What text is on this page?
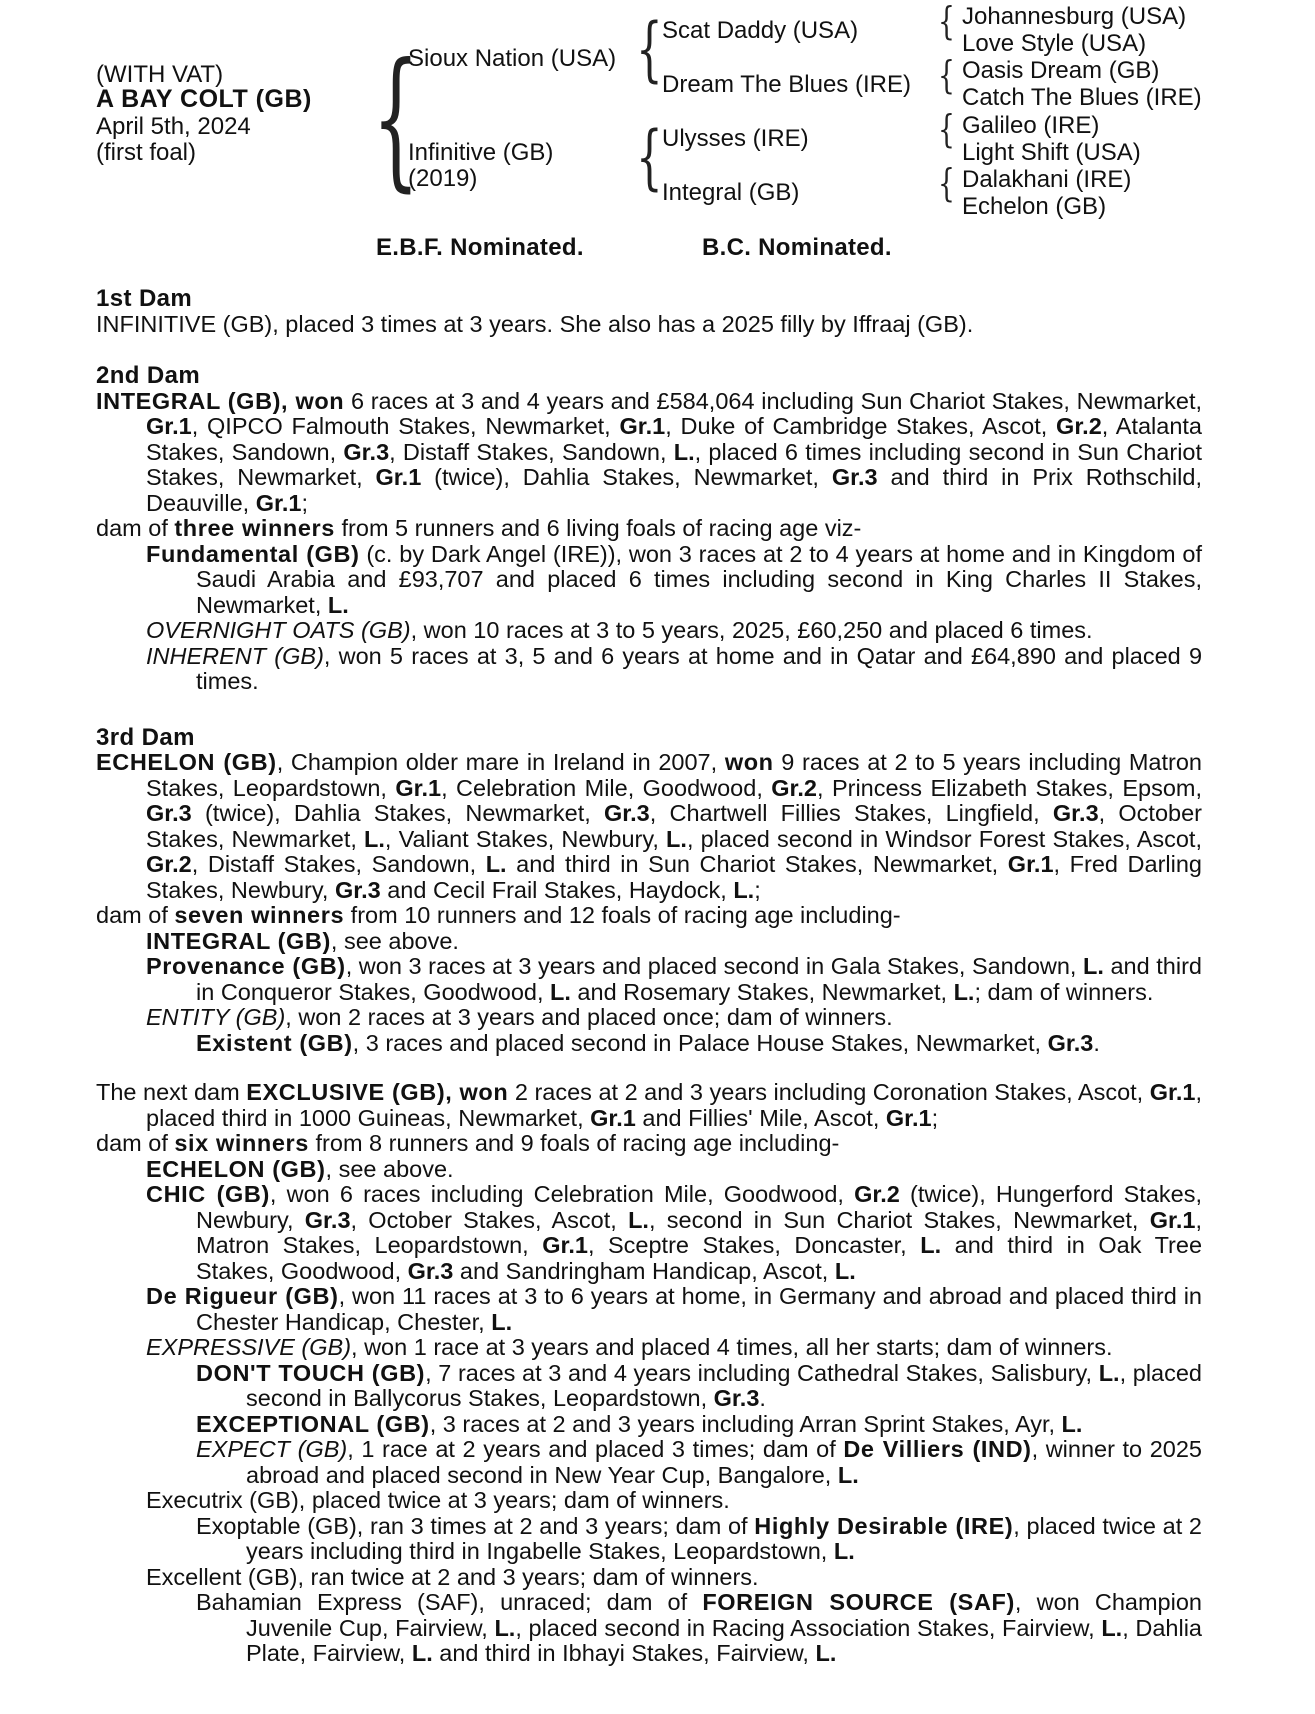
(WITH VAT)
A BAY COLT (GB)
April 5th, 2024
(first foal) {
Sioux Nation (USA)
Infinitive (GB)
(2019)
{
{
Scat Daddy (USA)
Dream The Blues (IRE)
Ulysses (IRE)
Integral (GB)
{
{
{
{
Johannesburg (USA)
Love Style (USA)
Oasis Dream (GB)
Catch The Blues (IRE)
Galileo (IRE)
Light Shift (USA)
Dalakhani (IRE)
Echelon (GB)
E.B.F. Nominated.	B.C. Nominated.
1st Dam

INFINITIVE (GB), placed 3 times at 3 years. She also has a 2025 filly by Iffraaj (GB).

2nd Dam

INTEGRAL (GB), won 6 races at 3 and 4 years and £584,064 including Sun Chariot Stakes, Newmarket, Gr.1, QIPCO Falmouth Stakes, Newmarket, Gr.1, Duke of Cambridge Stakes, Ascot, Gr.2, Atalanta Stakes, Sandown, Gr.3, Distaff Stakes, Sandown, L., placed 6 times including second in Sun Chariot Stakes, Newmarket, Gr.1 (twice), Dahlia Stakes, Newmarket, Gr.3 and third in Prix Rothschild, Deauville, Gr.1;

dam of three winners from 5 runners and 6 living foals of racing age viz-

Fundamental (GB) (c. by Dark Angel (IRE)), won 3 races at 2 to 4 years at home and in Kingdom of Saudi Arabia and £93,707 and placed 6 times including second in King Charles II Stakes, Newmarket, L.

OVERNIGHT OATS (GB), won 10 races at 3 to 5 years, 2025, £60,250 and placed 6 times.

INHERENT (GB), won 5 races at 3, 5 and 6 years at home and in Qatar and £64,890 and placed 9 times.

3rd Dam

ECHELON (GB), Champion older mare in Ireland in 2007, won 9 races at 2 to 5 years including Matron Stakes, Leopardstown, Gr.1, Celebration Mile, Goodwood, Gr.2, Princess Elizabeth Stakes, Epsom, Gr.3 (twice), Dahlia Stakes, Newmarket, Gr.3, Chartwell Fillies Stakes, Lingfield, Gr.3, October Stakes, Newmarket, L., Valiant Stakes, Newbury, L., placed second in Windsor Forest Stakes, Ascot, Gr.2, Distaff Stakes, Sandown, L. and third in Sun Chariot Stakes, Newmarket, Gr.1, Fred Darling Stakes, Newbury, Gr.3 and Cecil Frail Stakes, Haydock, L.;

dam of seven winners from 10 runners and 12 foals of racing age including-

INTEGRAL (GB), see above.

Provenance (GB), won 3 races at 3 years and placed second in Gala Stakes, Sandown, L. and third in Conqueror Stakes, Goodwood, L. and Rosemary Stakes, Newmarket, L.; dam of winners.

ENTITY (GB), won 2 races at 3 years and placed once; dam of winners.

Existent (GB), 3 races and placed second in Palace House Stakes, Newmarket, Gr.3.

The next dam EXCLUSIVE (GB), won 2 races at 2 and 3 years including Coronation Stakes, Ascot, Gr.1, placed third in 1000 Guineas, Newmarket, Gr.1 and Fillies' Mile, Ascot, Gr.1;

dam of six winners from 8 runners and 9 foals of racing age including-

ECHELON (GB), see above.

CHIC (GB), won 6 races including Celebration Mile, Goodwood, Gr.2 (twice), Hungerford Stakes, Newbury, Gr.3, October Stakes, Ascot, L., second in Sun Chariot Stakes, Newmarket, Gr.1, Matron Stakes, Leopardstown, Gr.1, Sceptre Stakes, Doncaster, L. and third in Oak Tree Stakes, Goodwood, Gr.3 and Sandringham Handicap, Ascot, L.

De Rigueur (GB), won 11 races at 3 to 6 years at home, in Germany and abroad and placed third in Chester Handicap, Chester, L.

EXPRESSIVE (GB), won 1 race at 3 years and placed 4 times, all her starts; dam of winners.

DON'T TOUCH (GB), 7 races at 3 and 4 years including Cathedral Stakes, Salisbury, L., placed second in Ballycorus Stakes, Leopardstown, Gr.3.

EXCEPTIONAL (GB), 3 races at 2 and 3 years including Arran Sprint Stakes, Ayr, L.

EXPECT (GB), 1 race at 2 years and placed 3 times; dam of De Villiers (IND), winner to 2025 abroad and placed second in New Year Cup, Bangalore, L.

Executrix (GB), placed twice at 3 years; dam of winners.

Exoptable (GB), ran 3 times at 2 and 3 years; dam of Highly Desirable (IRE), placed twice at 2 years including third in Ingabelle Stakes, Leopardstown, L.

Excellent (GB), ran twice at 2 and 3 years; dam of winners.

Bahamian Express (SAF), unraced; dam of FOREIGN SOURCE (SAF), won Champion Juvenile Cup, Fairview, L., placed second in Racing Association Stakes, Fairview, L., Dahlia Plate, Fairview, L. and third in Ibhayi Stakes, Fairview, L.
